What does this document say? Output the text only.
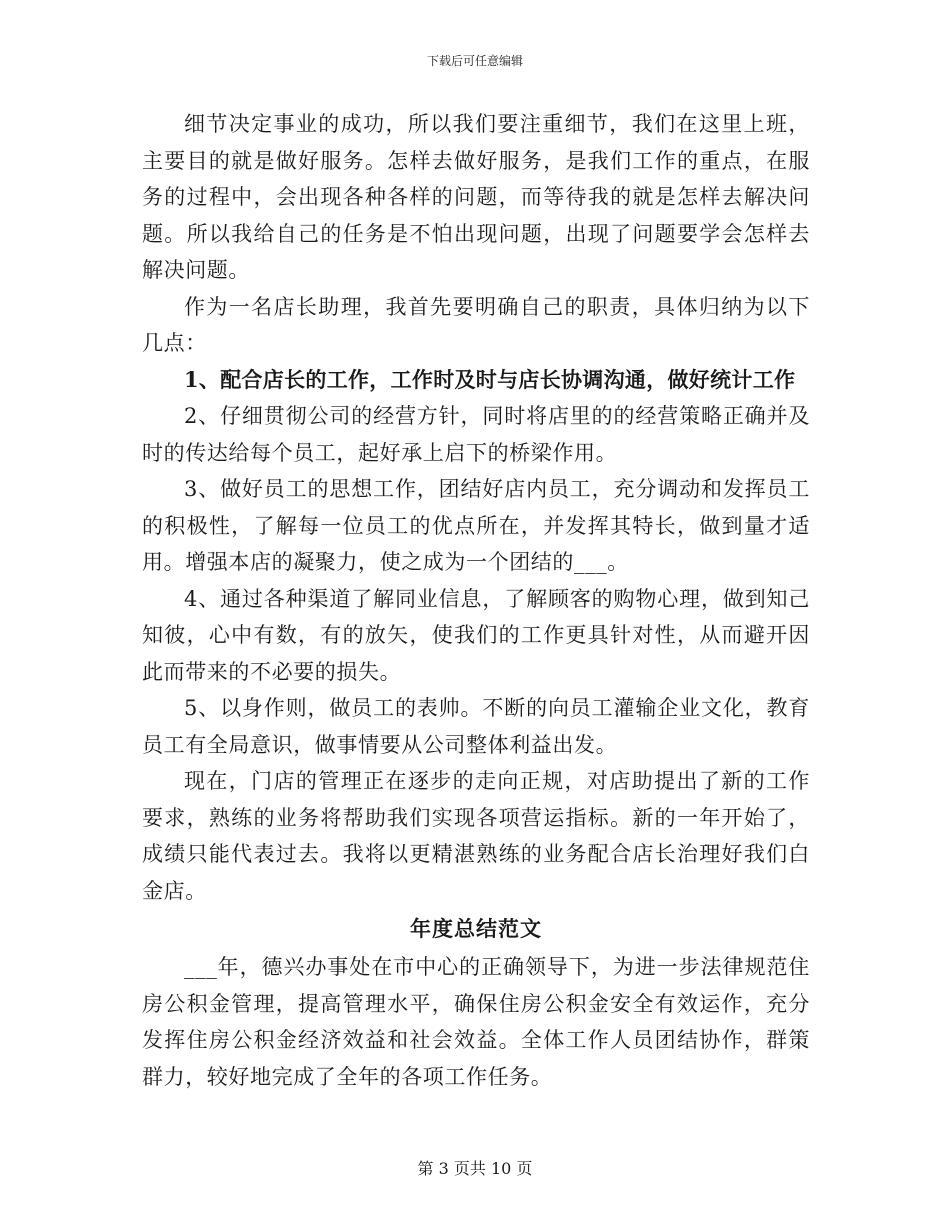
下载后可任意编辑

细节决定事业的成功，所以我们要注重细节，我们在这里上班，主要目的就是做好服务。怎样去做好服务，是我们工作的重点，在服务的过程中，会出现各种各样的问题，而等待我的就是怎样去解决问题。所以我给自己的任务是不怕出现问题，出现了问题要学会怎样去解决问题。

作为一名店长助理，我首先要明确自己的职责，具体归纳为以下几点：

1、配合店长的工作，工作时及时与店长协调沟通，做好统计工作

2、仔细贯彻公司的经营方针，同时将店里的的经营策略正确并及时的传达给每个员工，起好承上启下的桥梁作用。

3、做好员工的思想工作，团结好店内员工，充分调动和发挥员工的积极性，了解每一位员工的优点所在，并发挥其特长，做到量才适用。增强本店的凝聚力，使之成为一个团结的___。

4、通过各种渠道了解同业信息，了解顾客的购物心理，做到知己知彼，心中有数，有的放矢，使我们的工作更具针对性，从而避开因此而带来的不必要的损失。

5、以身作则，做员工的表帅。不断的向员工灌输企业文化，教育员工有全局意识，做事情要从公司整体利益出发。

现在，门店的管理正在逐步的走向正规，对店助提出了新的工作要求，熟练的业务将帮助我们实现各项营运指标。新的一年开始了，成绩只能代表过去。我将以更精湛熟练的业务配合店长治理好我们白金店。

年度总结范文

___年，德兴办事处在市中心的正确领导下，为进一步法律规范住房公积金管理，提高管理水平，确保住房公积金安全有效运作，充分发挥住房公积金经济效益和社会效益。全体工作人员团结协作，群策群力，较好地完成了全年的各项工作任务。

第 3 页共 10 页
